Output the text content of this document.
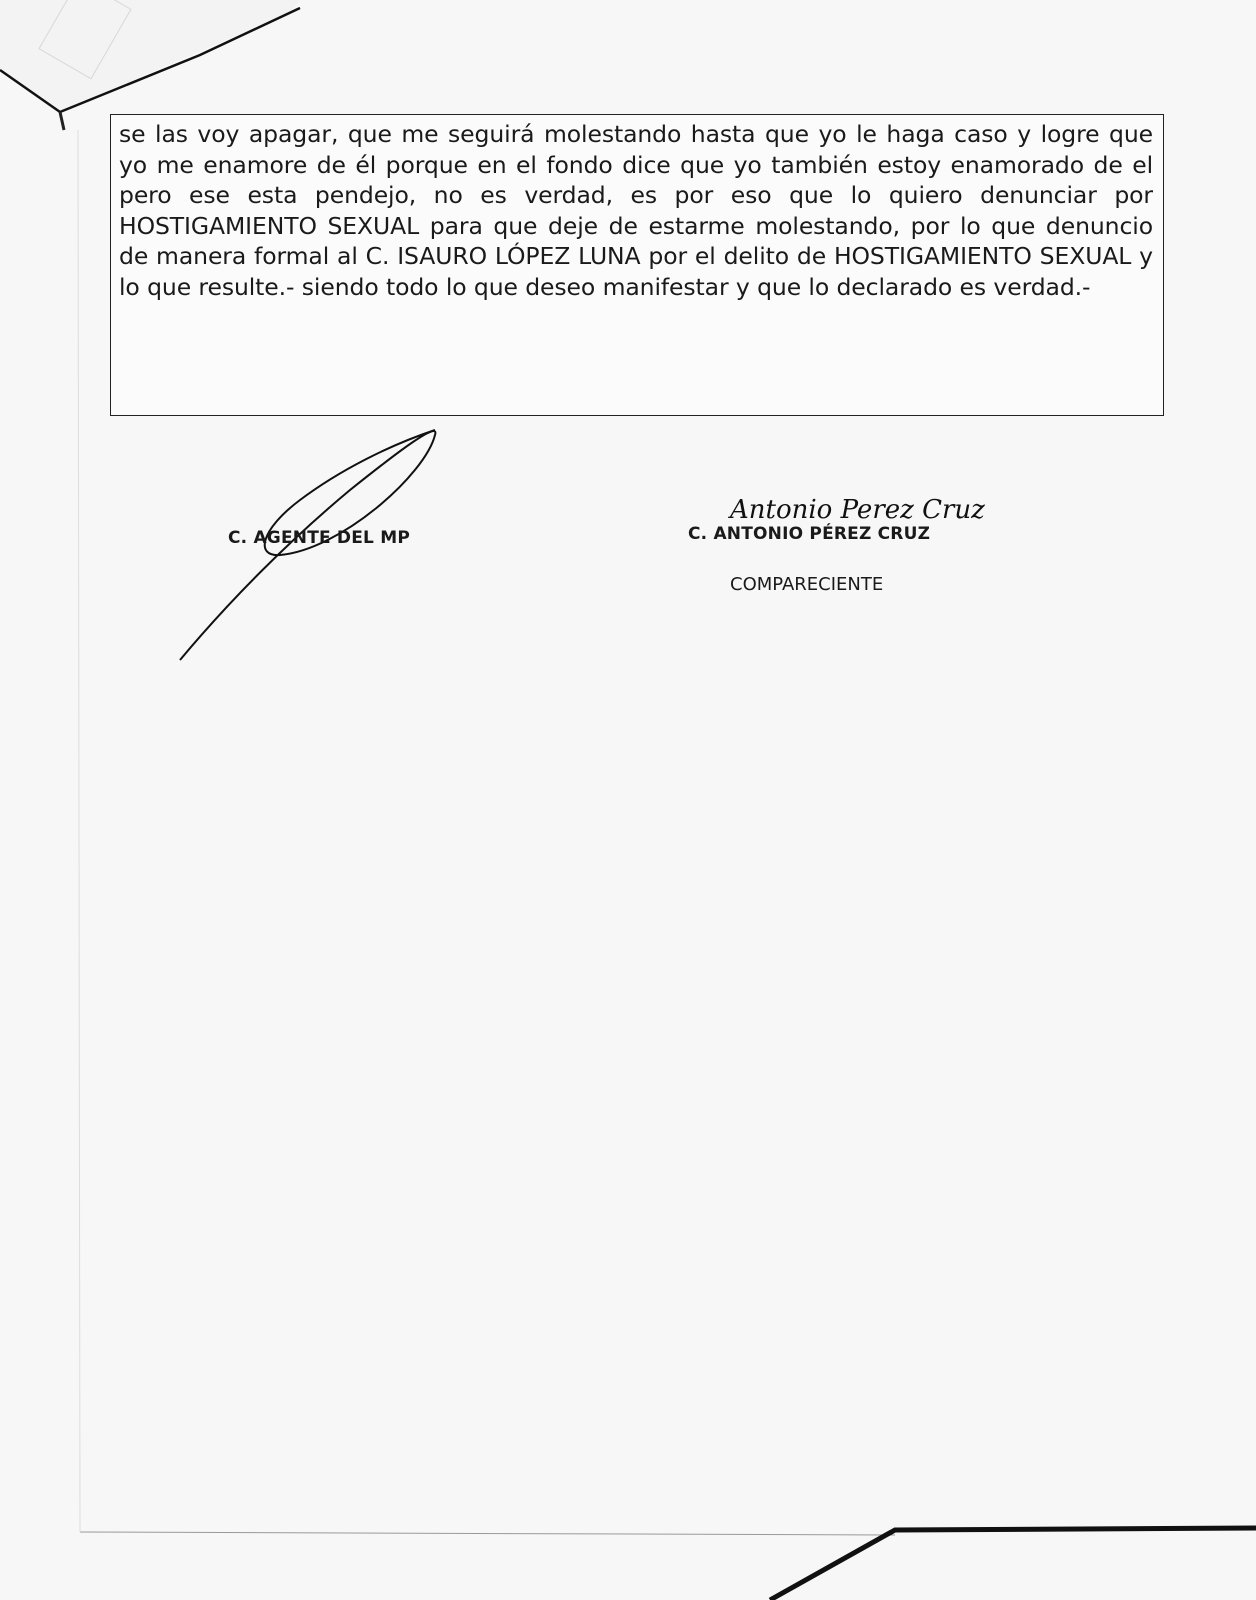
se las voy apagar, que me seguirá molestando hasta que yo le haga caso y logre que yo me enamore de él porque en el fondo dice que yo también estoy enamorado de el pero ese esta pendejo, no es verdad, es por eso que lo quiero denunciar por HOSTIGAMIENTO SEXUAL para que deje de estarme molestando, por lo que denuncio de manera formal al C. ISAURO LÓPEZ LUNA por el delito de HOSTIGAMIENTO SEXUAL y lo que resulte.- siendo todo lo que deseo manifestar y que lo declarado es verdad.-

C. AGENTE DEL MP
Antonio Perez Cruz
C. ANTONIO PÉREZ CRUZ
COMPARECIENTE
